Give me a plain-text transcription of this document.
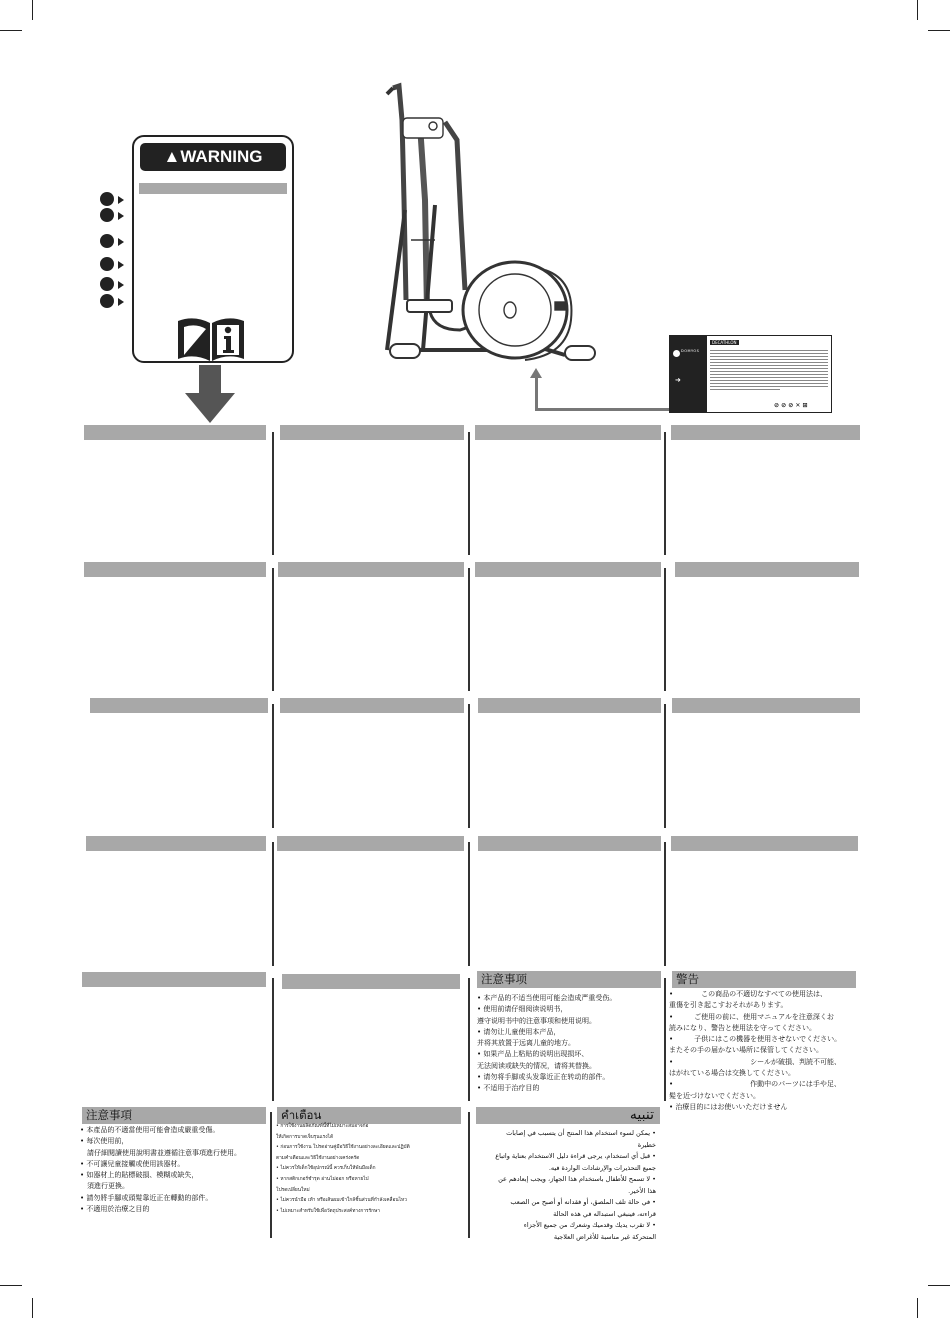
▲WARNING
DOMYOS
➜
DECATHLON
⊘ ⊘ ⊘ ✕ ⊞
注意事项	警告

• 本产品的不适当使用可能会造成严重受伤。

• 使用前请仔细阅读说明书，

遵守说明书中的注意事项和使用说明。

• 请勿让儿童使用本产品，

并将其放置于远离儿童的地方。

• 如果产品上粘贴的说明出现损坏、

无法阅读或缺失的情况，请将其替换。

• 请勿将手脚或头发靠近正在转动的部件。

• 不适用于治疗目的

•　　　　この商品の不適切なすべての使用法は、

重傷を引き起こすおそれがあります。

•　　　ご使用の前に、使用マニュアルを注意深くお

読みになり、警告と使用法を守ってください。

•　　　子供にはこの機器を使用させないでください。

またその手の届かない場所に保管してください。

•　　　　　　　　　　　シールが破損、判読不可能、

はがれている場合は交換してください。

•　　　　　　　　　　　作動中のパーツには手や足、

髪を近づけないでください。

• 治療目的にはお使いいただけません

注意事項	คำเตือน	تنبيه

• 本產品的不適當使用可能會造成嚴重受傷。

• 每次使用前，

　請仔細閱讀使用說明書並遵循注意事項進行使用。

• 不可讓兒童接觸或使用該器材。

• 如器材上的貼標破損、模糊或缺失，

　須進行更換。

• 請勿將手腳或頭髮靠近正在轉動的部件。

• 不適用於治療之目的

• การใช้งานผลิตภัณฑ์นี้ที่ไม่เหมาะสมอาจก่อ

ให้เกิดการบาดเจ็บรุนแรงได้

• ก่อนการใช้งาน โปรดอ่านคู่มือวิธีใช้งานอย่างละเอียดและปฏิบัติ

ตามคำเตือนและวิธีใช้งานอย่างเคร่งครัด

• ไม่ควรให้เด็กใช้อุปกรณ์นี้ ควรเก็บให้พ้นมือเด็ก

• หากสติกเกอร์ชำรุด อ่านไม่ออก หรือหายไป

โปรดเปลี่ยนใหม่

• ไม่ควรนำมือ เท้า หรือเส้นผมเข้าใกล้ชิ้นส่วนที่กำลังเคลื่อนไหว

• ไม่เหมาะสำหรับใช้เพื่อวัตถุประสงค์ทางการรักษา

• يمكن لسوء استخدام هذا المنتج أن يتسبب في إصابات

خطيرة

• قبل أي استخدام، يرجى قراءة دليل الاستخدام بعناية واتباع

جميع التحذيرات والإرشادات الواردة فيه.

• لا تسمح للأطفال باستخدام هذا الجهاز، ويجب إبعادهم عن

هذا الأخير.

• في حالة تلف الملصق، أو فقدانه أو أصبح من الصعب

قراءته، فينبغي استبداله في هذه الحالة

• لا تقرب يديك وقدميك وشعرك من جميع الأجزاء

المتحركة غير مناسبة للأغراض العلاجية
